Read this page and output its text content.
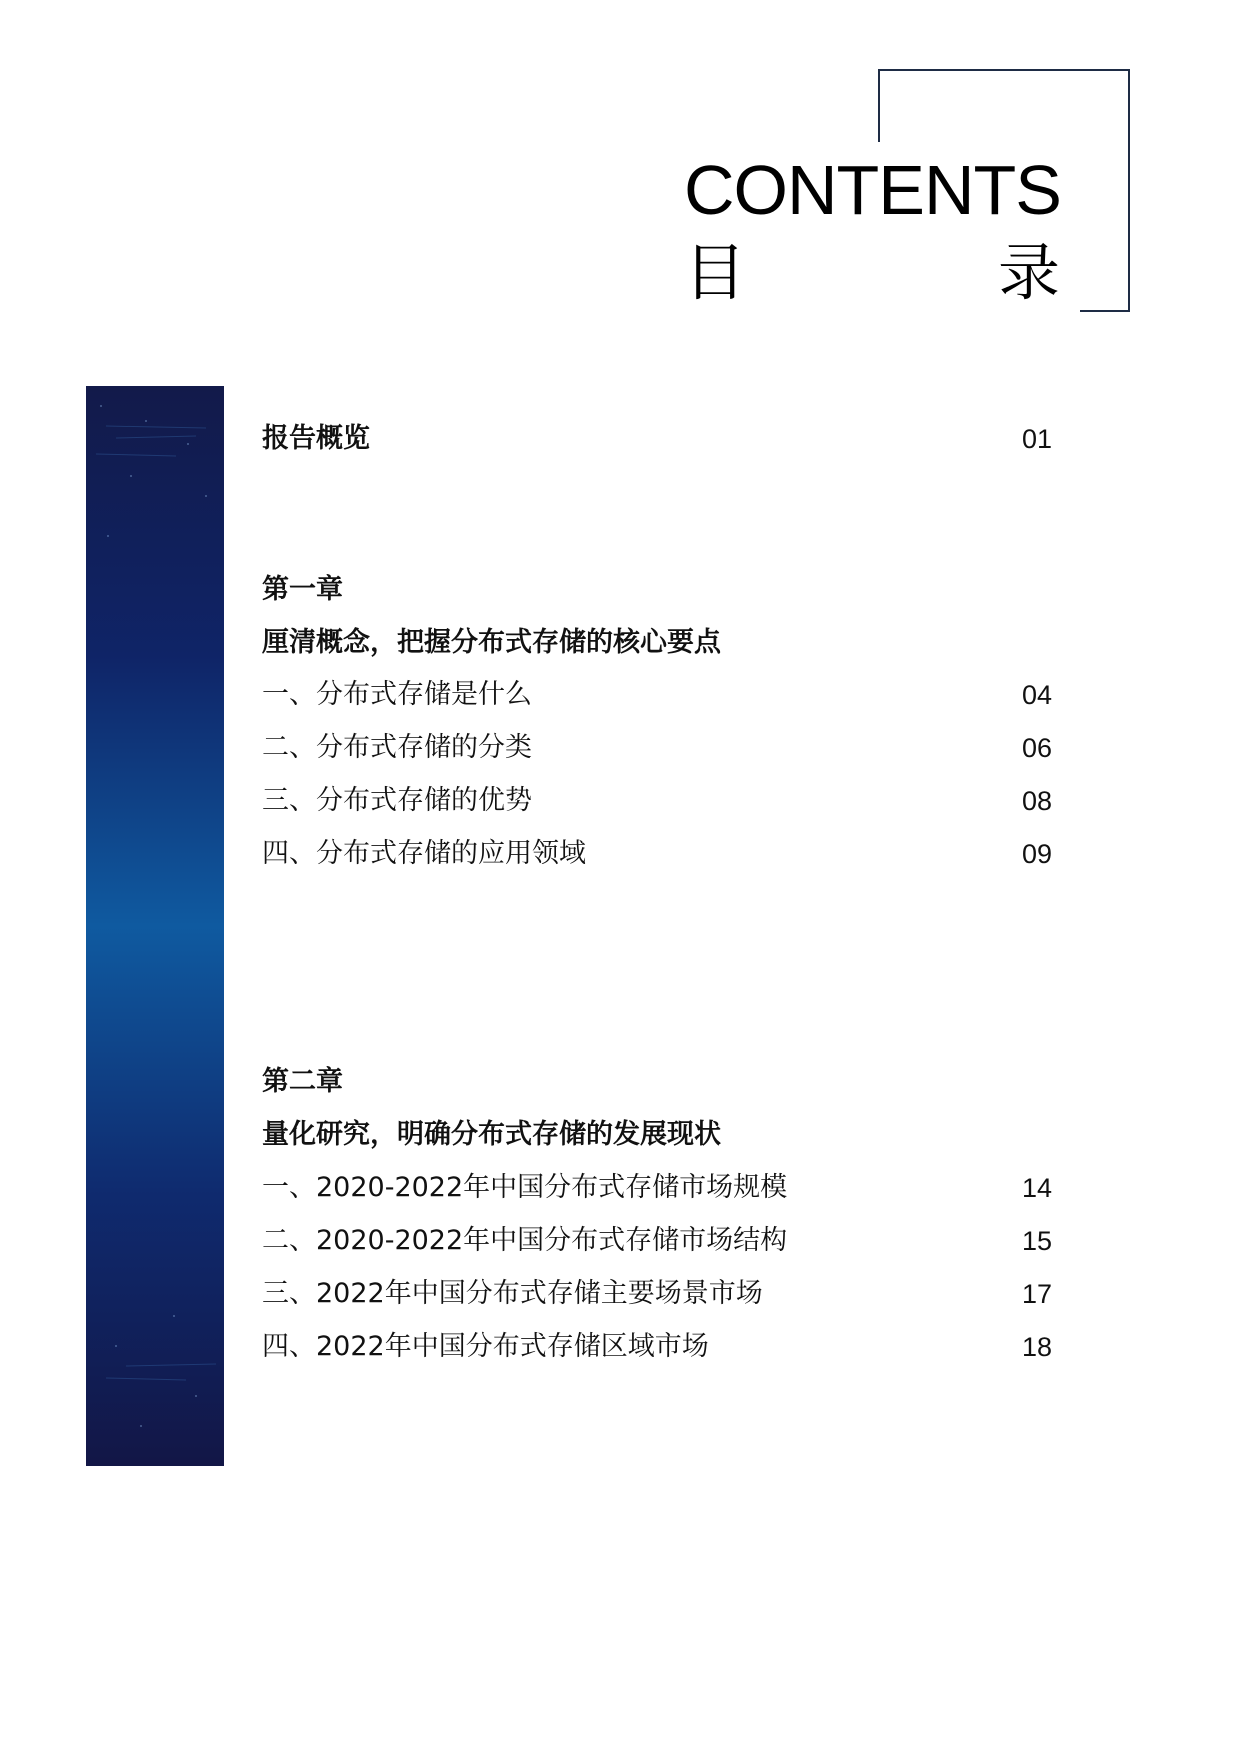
CONTENTS
目	录
报告概览	01
第一章
厘清概念，把握分布式存储的核心要点
一、分布式存储是什么	04
二、分布式存储的分类	06
三、分布式存储的优势	08
四、分布式存储的应用领域	09
第二章
量化研究，明确分布式存储的发展现状
一、2020-2022年中国分布式存储市场规模	14
二、2020-2022年中国分布式存储市场结构	15
三、2022年中国分布式存储主要场景市场	17
四、2022年中国分布式存储区域市场	18
